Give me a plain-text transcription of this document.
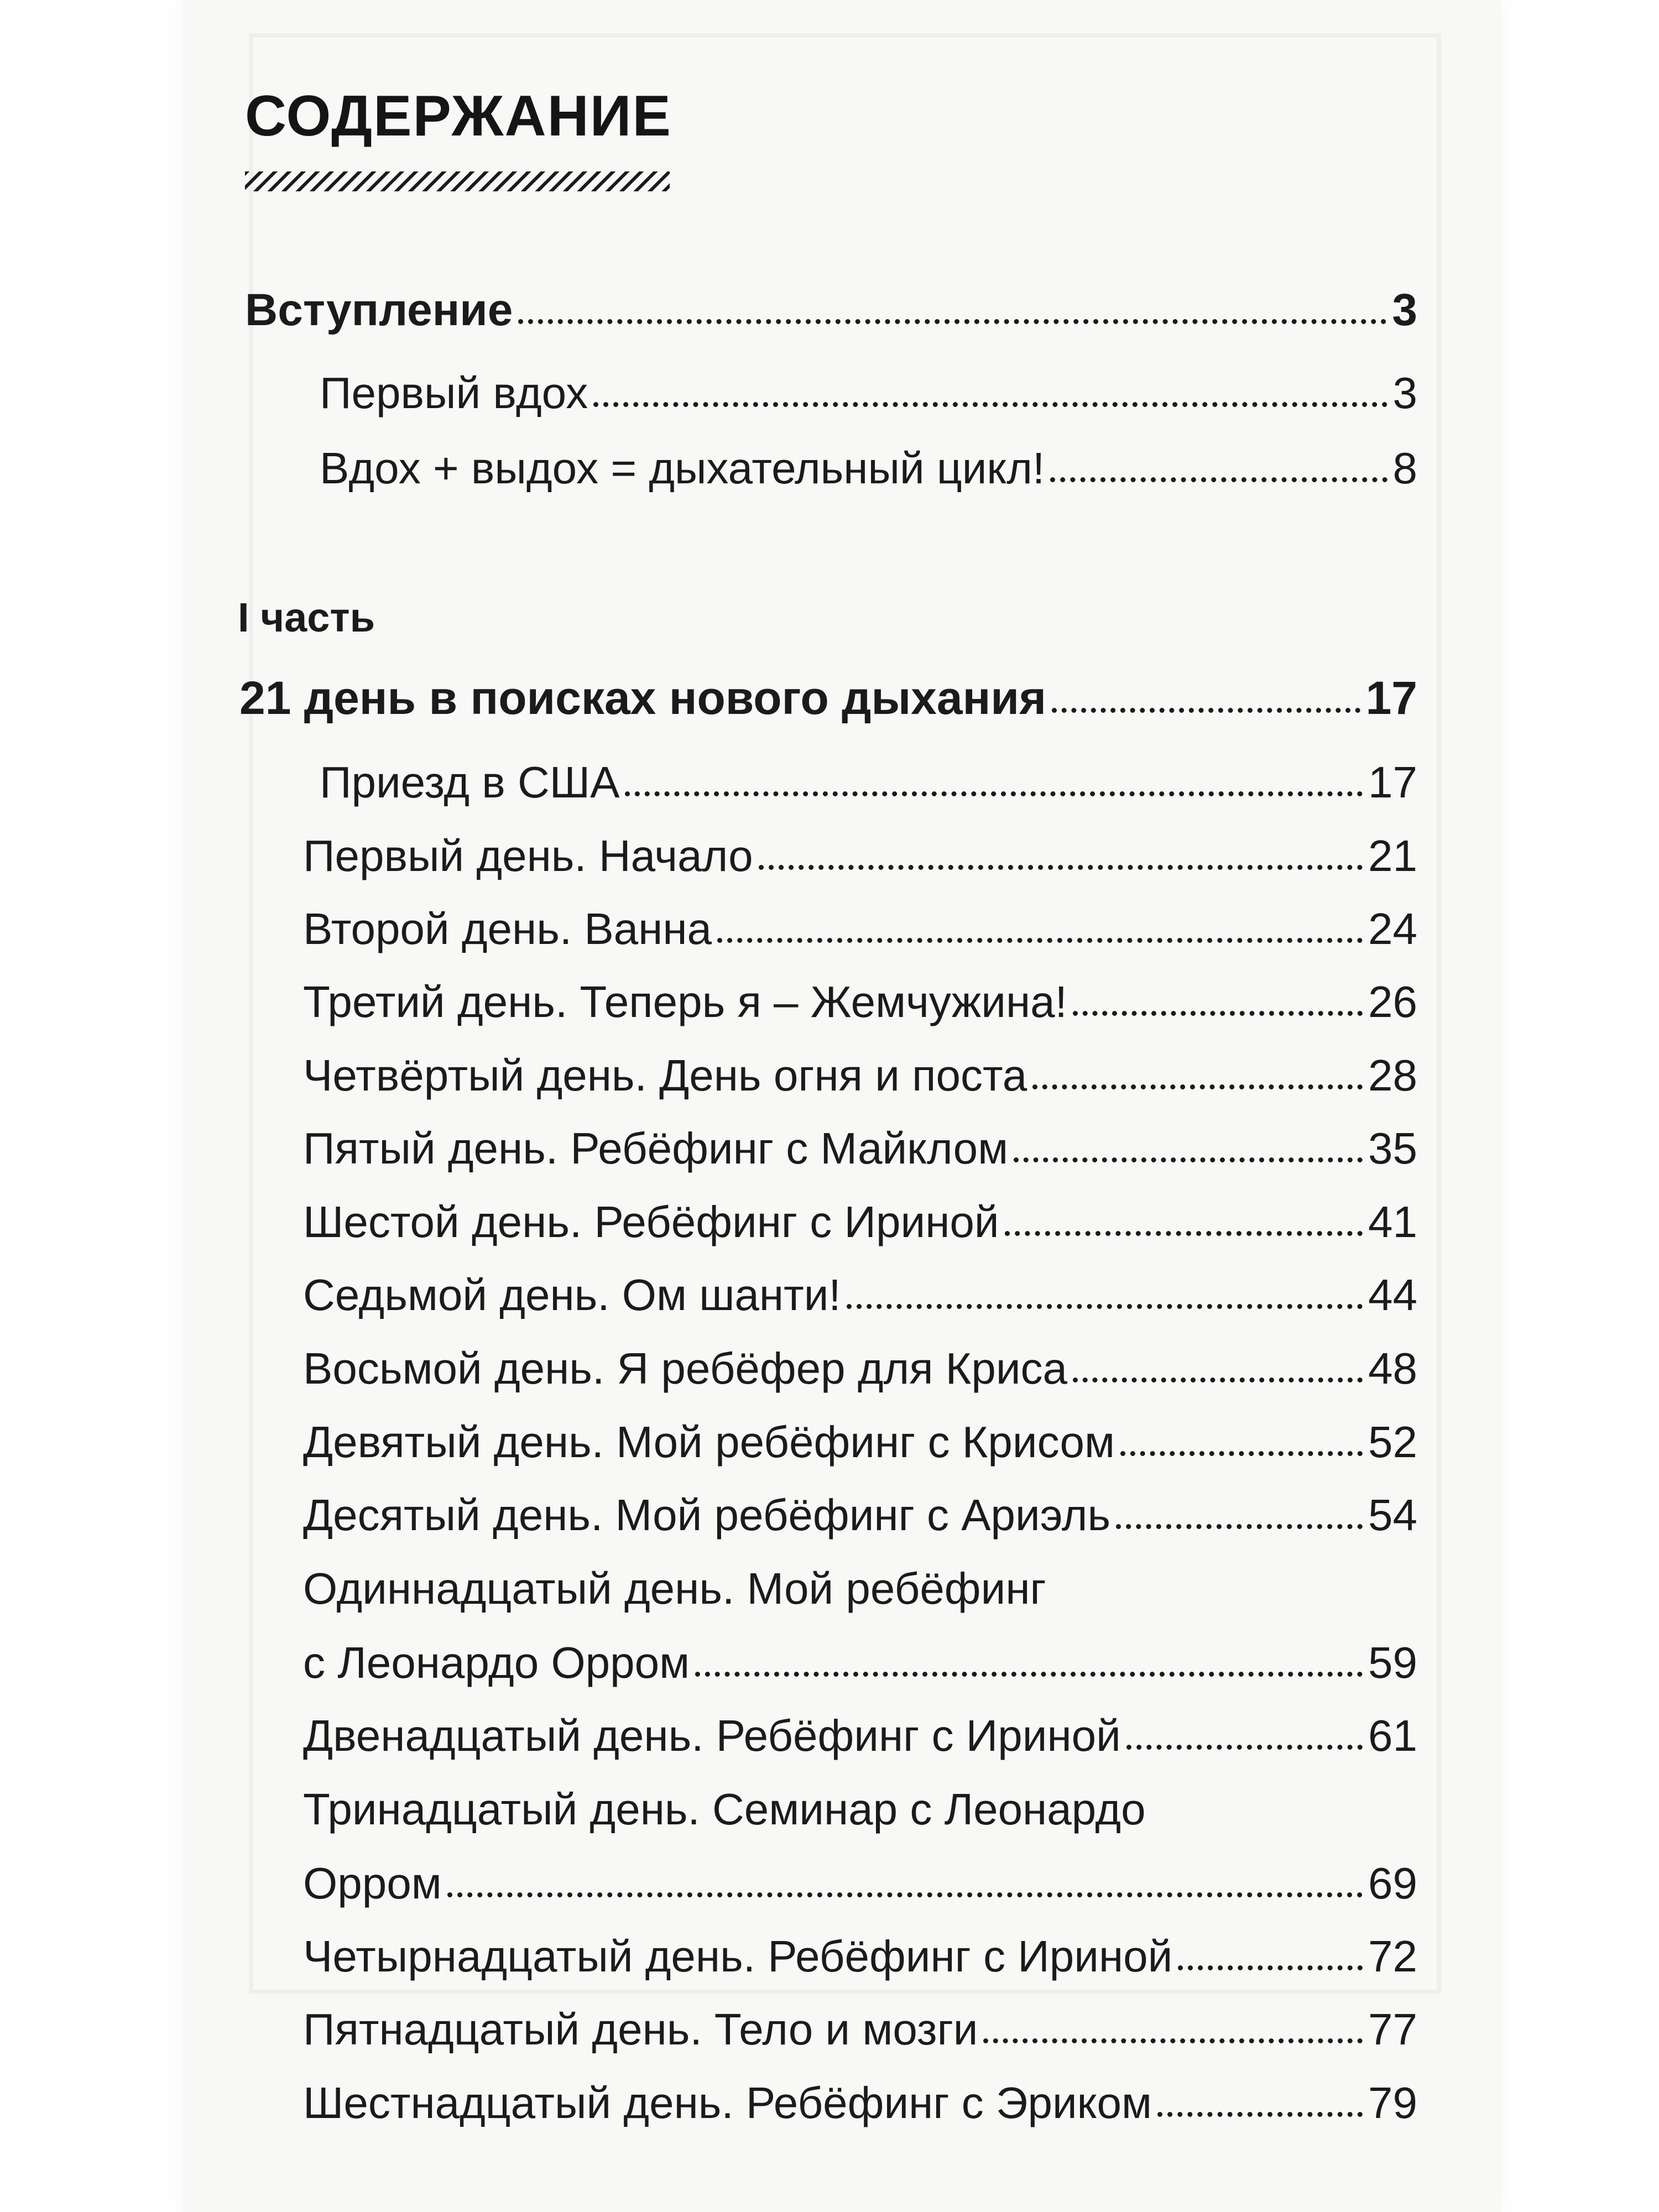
СОДЕРЖАНИЕ
Вступление	3
Первый вдох	3
Вдох + выдох = дыхательный цикл!	8
I часть
21 день в поисках нового дыхания	17
Приезд в США	17
Первый день. Начало	21
Второй день. Ванна	24
Третий день. Теперь я – Жемчужина!	26
Четвёртый день. День огня и поста	28
Пятый день. Ребёфинг с Майклом	35
Шестой день. Ребёфинг с Ириной	41
Седьмой день. Ом шанти!	44
Восьмой день. Я ребёфер для Криса	48
Девятый день. Мой ребёфинг с Крисом	52
Десятый день. Мой ребёфинг с Ариэль	54
Одиннадцатый день. Мой ребёфинг
с Леонардо Орром	59
Двенадцатый день. Ребёфинг с Ириной	61
Тринадцатый день. Семинар с Леонардо
Орром	69
Четырнадцатый день. Ребёфинг с Ириной	72
Пятнадцатый день. Тело и мозги	77
Шестнадцатый день. Ребёфинг с Эриком	79
